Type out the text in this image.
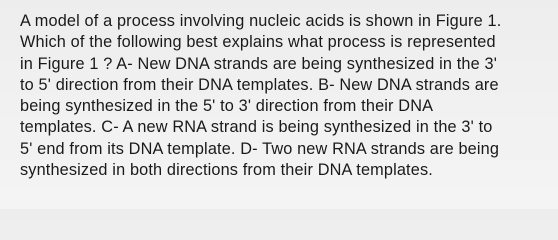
A model of a process involving nucleic acids is shown in Figure 1.
Which of the following best explains what process is represented
in Figure 1 ? A- New DNA strands are being synthesized in the 3'
to 5' direction from their DNA templates. B- New DNA strands are
being synthesized in the 5' to 3' direction from their DNA
templates. C- A new RNA strand is being synthesized in the 3' to
5' end from its DNA template. D- Two new RNA strands are being
synthesized in both directions from their DNA templates.
